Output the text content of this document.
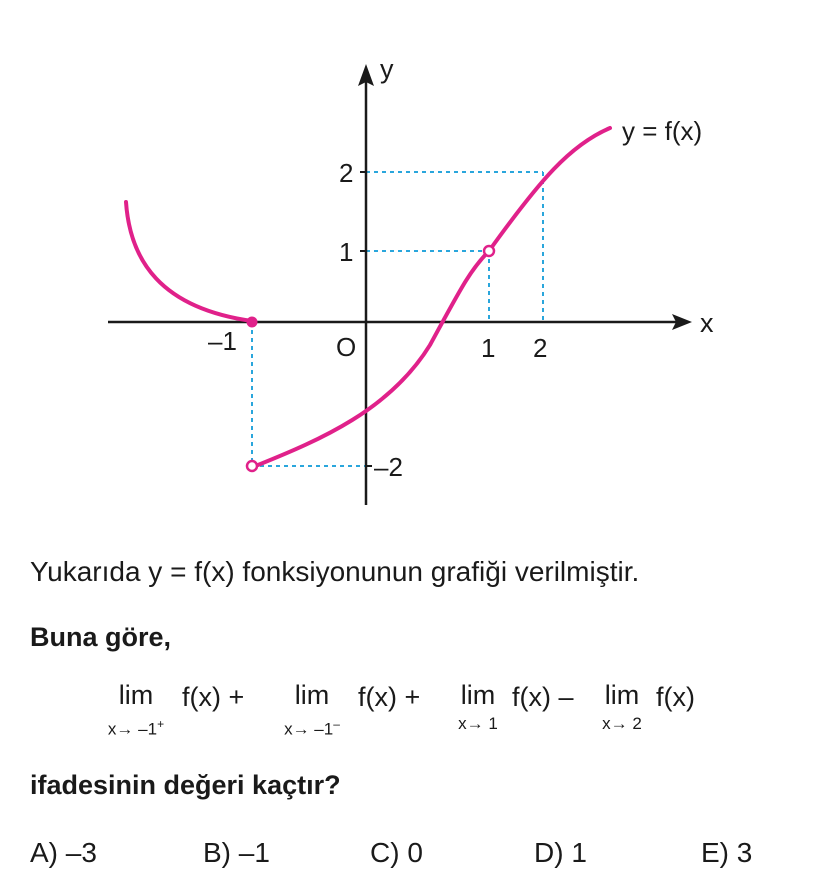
y
x
O
y = f(x)
–1	1 2
2
1
–2
Yukarıda y = f(x) fonksiyonunun grafiği verilmiştir.
Buna göre,
lim
x→ –1+
f(x) +	lim
x→ –1–
f(x) +	lim
x→ 1
f(x) –	lim
x→ 2
f(x)
ifadesinin değeri kaçtır?
A) –3	B) –1	C) 0	D) 1	E) 3
